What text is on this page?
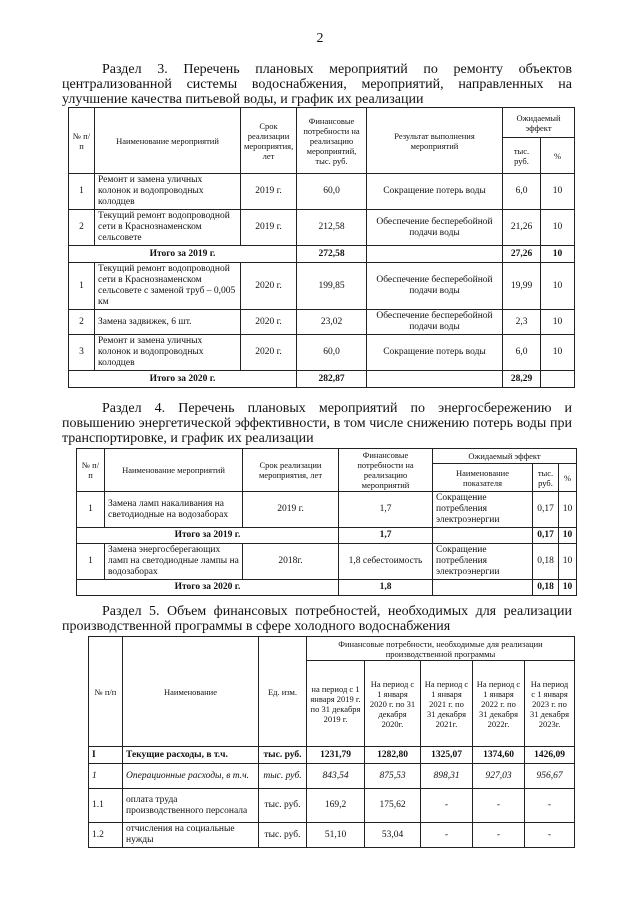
2
Раздел 3. Перечень плановых мероприятий по ремонту объектов централизованной системы водоснабжения, мероприятий, направленных на улучшение качества питьевой воды, и график их реализации
№ п/ п	Наименование мероприятий	Срок реализации мероприятия, лет	Финансовые потребности на реализацию мероприятий, тыс. руб.	Результат выполнения мероприятий	Ожидаемый эффект	
					тыс. руб.	%
1	Ремонт и замена уличных колонок и водопроводных колодцев	2019 г.	60,0	Сокращение потерь воды	6,0	10
2	Текущий ремонт водопроводной сети в Краснознаменском сельсовете	2019 г.	212,58	Обеспечение бесперебойной подачи воды	21,26	10
Итого за 2019 г.			272,58		27,26	10
1	Текущий ремонт водопроводной сети в Краснознаменском сельсовете с заменой труб – 0,005 км	2020 г.	199,85	Обеспечение бесперебойной подачи воды	19,99	10
2	Замена задвижек, 6 шт.	2020 г.	23,02	Обеспечение бесперебойной подачи воды	2,3	10
3	Ремонт и замена уличных колонок и водопроводных колодцев	2020 г.	60,0	Сокращение потерь воды	6,0	10
Итого за 2020 г.			282,87		28,29	
Раздел 4. Перечень плановых мероприятий по энергосбережению и повышению энергетической эффективности, в том числе снижению потерь воды при транспортировке, и график их реализации
№ п/п	Наименование мероприятий	Срок реализации мероприятия, лет	Финансовые потребности на реализацию мероприятий	Ожидаемый эффект		
				Наименование показателя	тыс. руб.	%
1	Замена ламп накаливания на светодиодные на водозаборах	2019 г.	1,7	Сокращение потребления электроэнергии	0,17	10
Итого за 2019 г.			1,7		0,17	10
1	Замена энергосберегающих ламп на светодиодные лампы на водозаборах	2018г.	1,8 себестоимость	Сокращение потребления электроэнергии	0,18	10
Итого за 2020 г.			1,8		0,18	10
Раздел 5. Объем финансовых потребностей, необходимых для реализации производственной программы в сфере холодного водоснабжения
№ п/п	Наименование	Ед. изм.	Финансовые потребности, необходимые для реализации производственной программы				
			на период с 1 января 2019 г. по 31 декабря 2019 г.	На период с 1 января 2020 г. по 31 декабря 2020г.	На период с 1 января 2021 г. по 31 декабря 2021г.	На период с 1 января 2022 г. по 31 декабря 2022г.	На период с 1 января 2023 г. по 31 декабря 2023г.
I	Текущие расходы, в т.ч.	тыс. руб.	1231,79	1282,80	1325,07	1374,60	1426,09
1	Операционные расходы, в т.ч.	тыс. руб.	843,54	875,53	898,31	927,03	956,67
1.1	оплата труда производственного персонала	тыс. руб.	169,2	175,62	-	-	-
1.2	отчисления на социальные нужды	тыс. руб.	51,10	53,04	-	-	-
